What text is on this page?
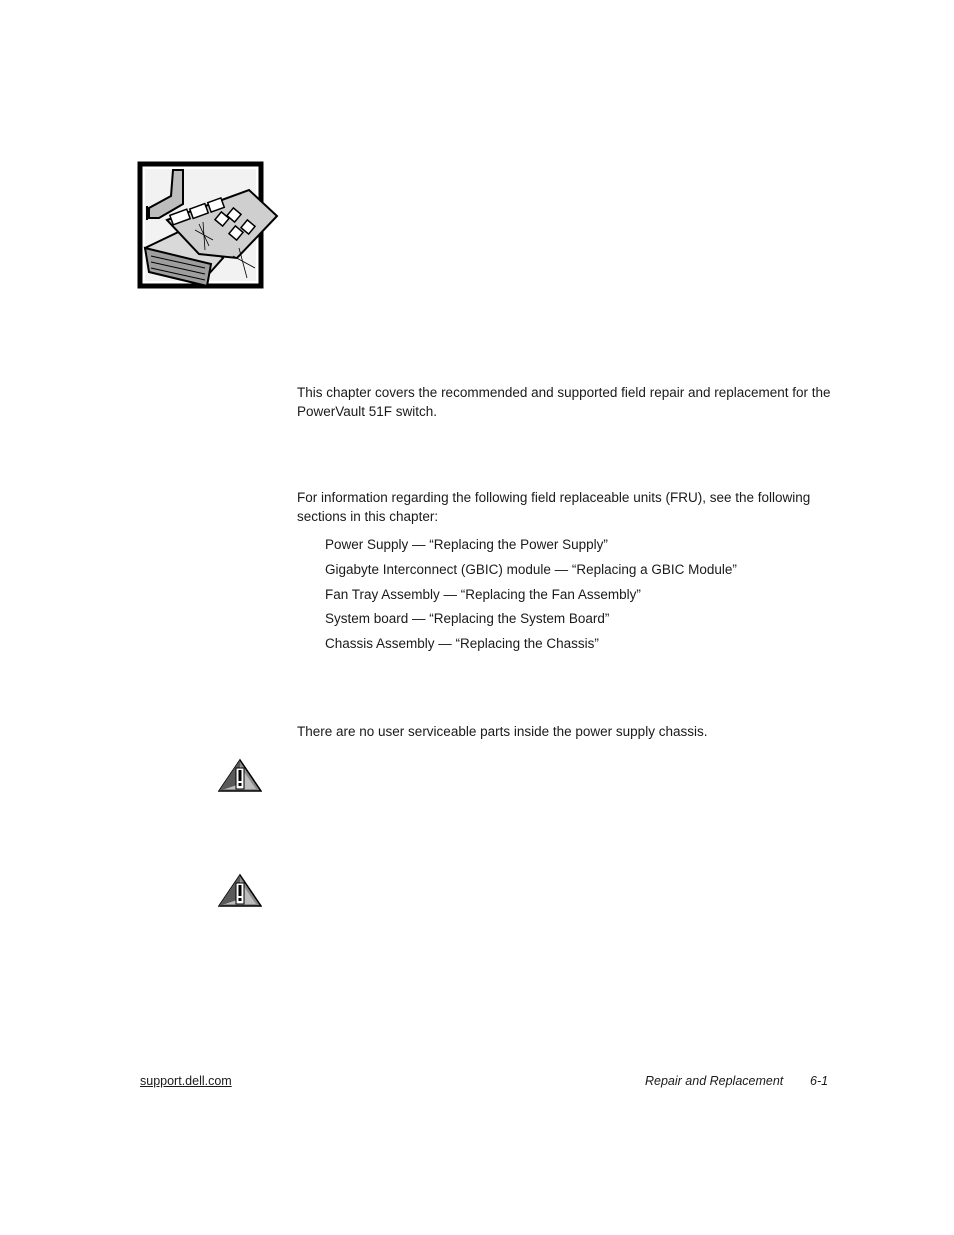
This chapter covers the recommended and supported field repair and replacement for the PowerVault 51F switch.

For information regarding the following field replaceable units (FRU), see the following sections in this chapter:

Power Supply — “Replacing the Power Supply”
Gigabyte Interconnect (GBIC) module — “Replacing a GBIC Module”
Fan Tray Assembly — “Replacing the Fan Assembly”
System board — “Replacing the System Board”
Chassis Assembly — “Replacing the Chassis”

There are no user serviceable parts inside the power supply chassis.

support.dell.com	Repair and Replacement 6-1
